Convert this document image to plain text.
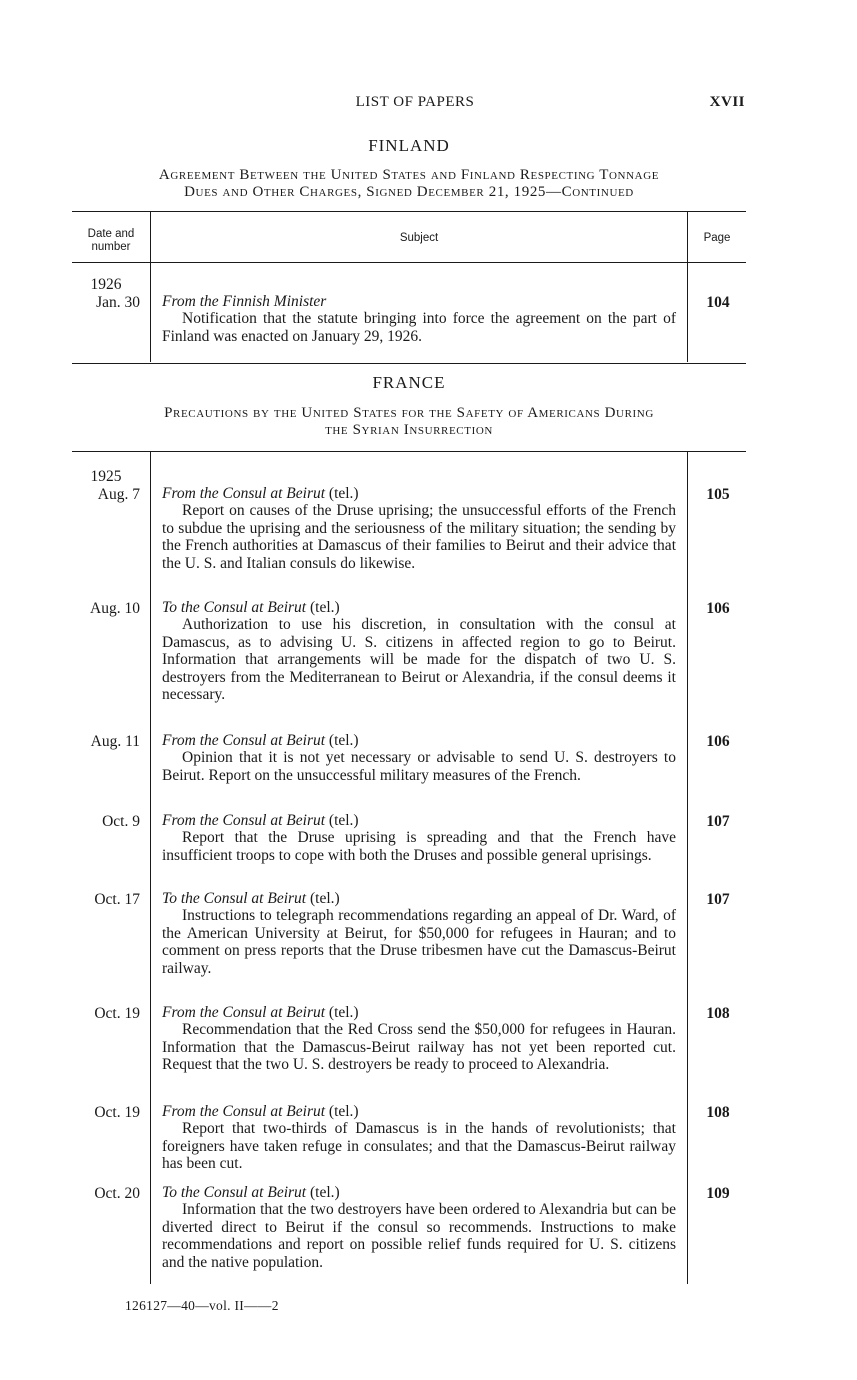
LIST OF PAPERS	XVII
FINLAND
Agreement Between the United States and Finland Respecting Tonnage
Dues and Other Charges, Signed December 21, 1925—Continued
Date and
number
Subject	Page
1926
Jan. 30 From the Finnish Minister
Notification that the statute bringing into force the agreement on the part of Finland was enacted on January 29, 1926.
104
FRANCE
Precautions by the United States for the Safety of Americans During
the Syrian Insurrection
1925
Aug. 7 From the Consul at Beirut (tel.)
Report on causes of the Druse uprising; the unsuccessful efforts of the French to subdue the uprising and the seriousness of the military situation; the sending by the French authorities at Damascus of their families to Beirut and their advice that the U. S. and Italian consuls do likewise.
105
Aug. 10 To the Consul at Beirut (tel.)
Authorization to use his discretion, in consultation with the consul at Damascus, as to advising U. S. citizens in affected region to go to Beirut. Information that arrangements will be made for the dispatch of two U. S. destroyers from the Mediterranean to Beirut or Alexandria, if the consul deems it necessary.
106
Aug. 11 From the Consul at Beirut (tel.)
Opinion that it is not yet necessary or advisable to send U. S. destroyers to Beirut. Report on the unsuccessful military measures of the French.
106
Oct. 9 From the Consul at Beirut (tel.)
Report that the Druse uprising is spreading and that the French have insufficient troops to cope with both the Druses and possible general uprisings.
107
Oct. 17 To the Consul at Beirut (tel.)
Instructions to telegraph recommendations regarding an appeal of Dr. Ward, of the American University at Beirut, for $50,000 for refugees in Hauran; and to comment on press reports that the Druse tribesmen have cut the Damascus-Beirut railway.
107
Oct. 19 From the Consul at Beirut (tel.)
Recommendation that the Red Cross send the $50,000 for refugees in Hauran. Information that the Damascus-Beirut railway has not yet been reported cut. Request that the two U. S. destroyers be ready to proceed to Alexandria.
108
Oct. 19 From the Consul at Beirut (tel.)
Report that two-thirds of Damascus is in the hands of revolutionists; that foreigners have taken refuge in consulates; and that the Damascus-Beirut railway has been cut.
108
Oct. 20 To the Consul at Beirut (tel.)
Information that the two destroyers have been ordered to Alexandria but can be diverted direct to Beirut if the consul so recommends. Instructions to make recommendations and report on possible relief funds required for U. S. citizens and the native population.
109
126127—40—vol. II——2
